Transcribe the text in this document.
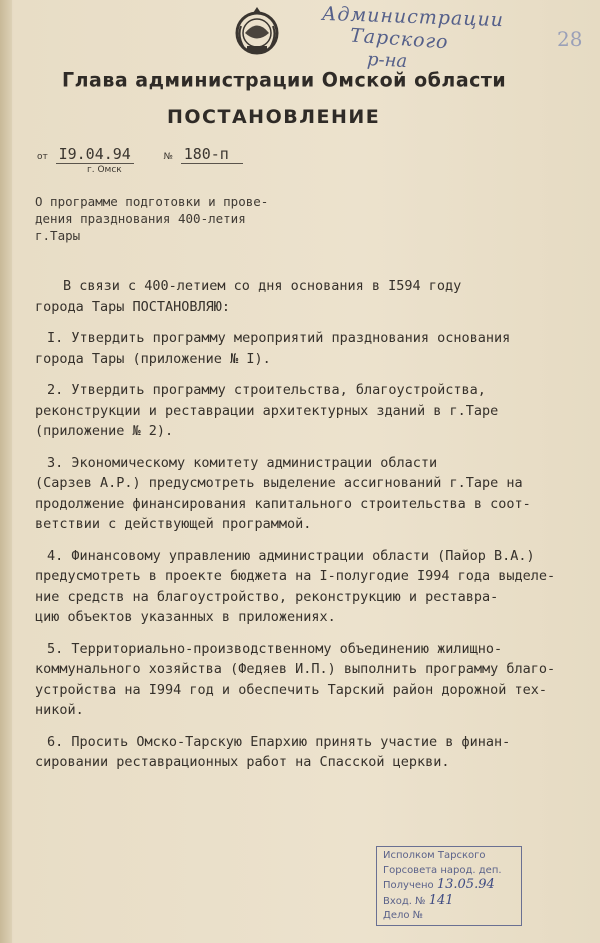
Администрации
Тарского
р-на
28
Глава администрации Омской области
ПОСТАНОВЛЕНИЕ
от I9.04.94	№ 180-п
г. Омск
О программе подготовки и прове-
дения празднования 400-летия
г.Тары
В связи с 400-летием со дня основания в I594 году
города Тары ПОСТАНОВЛЯЮ:
I. Утвердить программу мероприятий празднования основания
города Тары (приложение № I).
2. Утвердить программу строительства, благоустройства,
реконструкции и реставрации архитектурных зданий в г.Таре
(приложение № 2).
3. Экономическому комитету администрации области
(Сарзев А.Р.) предусмотреть выделение ассигнований г.Таре на
продолжение финансирования капитального строительства в соот-
ветствии с действующей программой.
4. Финансовому управлению администрации области (Пайор В.А.)
предусмотреть в проекте бюджета на I-полугодие I994 года выделе-
ние средств на благоустройство, реконструкцию и реставра-
цию объектов указанных в приложениях.
5. Территориально-производственному объединению жилищно-
коммунального хозяйства (Федяев И.П.) выполнить программу благо-
устройства на I994 год и обеспечить Тарский район дорожной тех-
никой.
6. Просить Омско-Тарскую Епархию принять участие в финан-
сировании реставрационных работ на Спасской церкви.
Исполком Тарского
Горсовета народ. деп.
Получено 13.05.94
Вход. № 141
Дело №
